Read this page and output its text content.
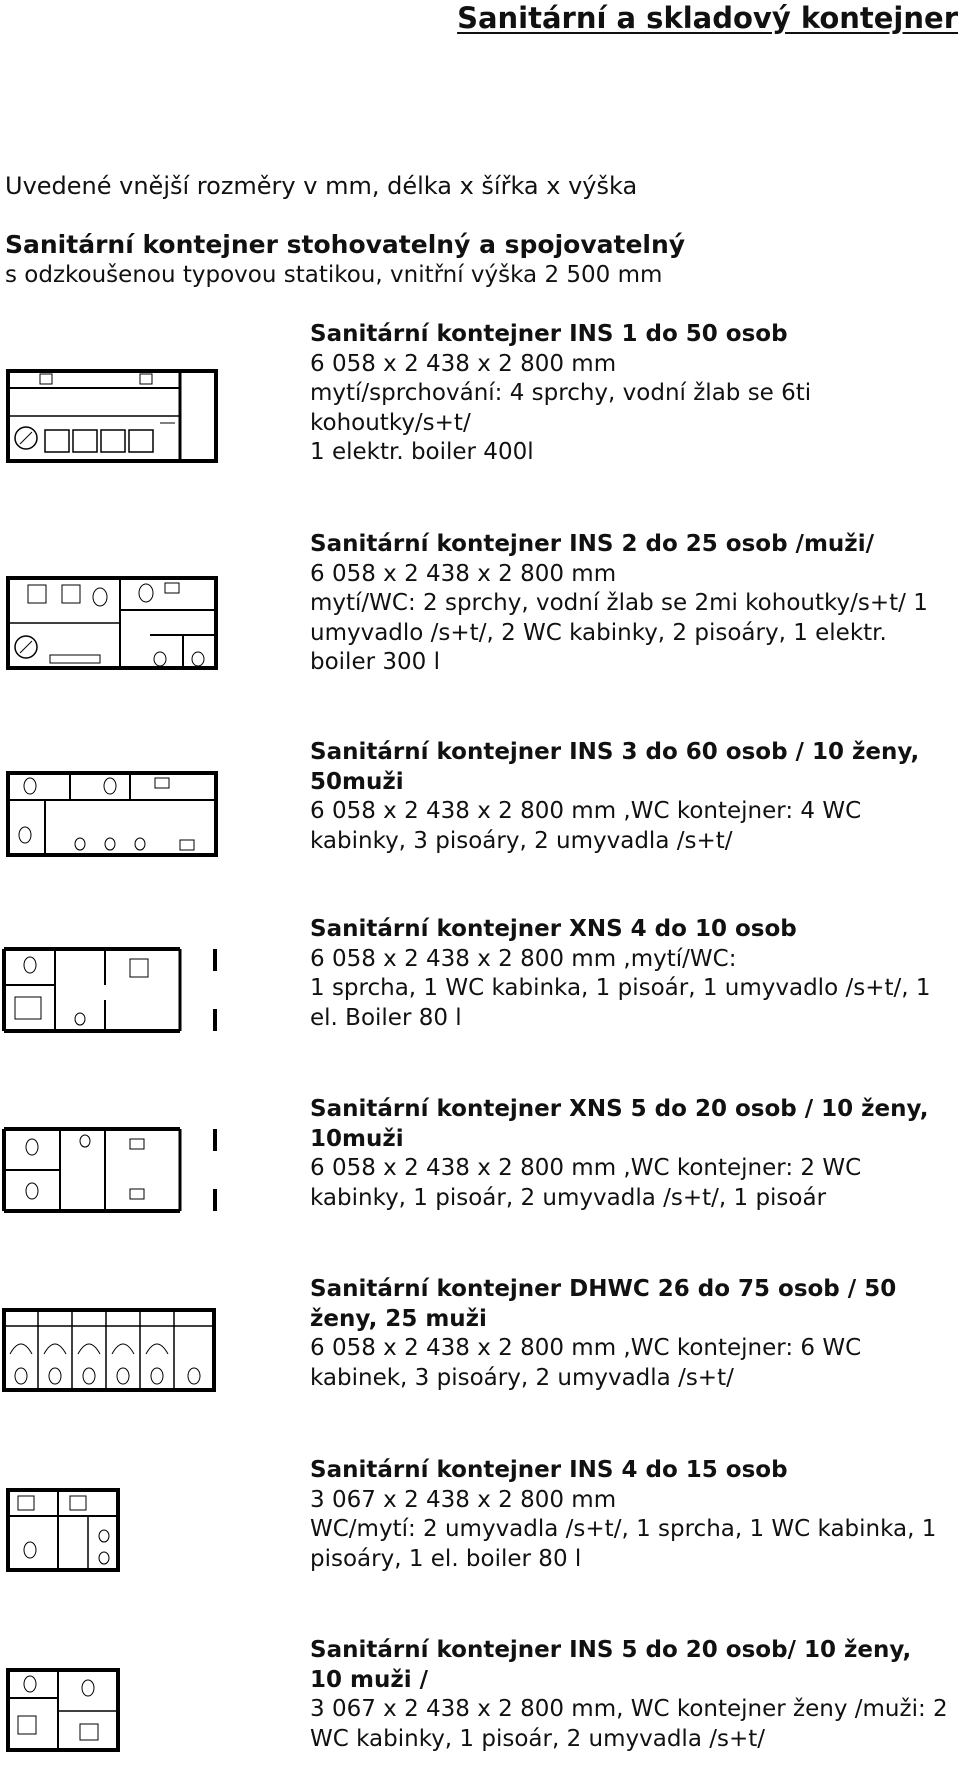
Sanitární a skladový kontejner
Uvedené vnější rozměry v mm, délka x šířka x výška
Sanitární kontejner stohovatelný a spojovatelný
s odzkoušenou typovou statikou, vnitřní výška 2 500 mm
Sanitární kontejner INS 1 do 50 osob
6 058 x 2 438 x 2 800 mm
mytí/sprchování: 4 sprchy, vodní žlab se 6ti kohoutky/s+t/
1 elektr. boiler 400l
Sanitární kontejner INS 2 do 25 osob /muži/
6 058 x 2 438 x 2 800 mm
mytí/WC: 2 sprchy, vodní žlab se 2mi kohoutky/s+t/ 1 umyvadlo /s+t/, 2 WC kabinky, 2 pisoáry, 1 elektr. boiler 300 l
Sanitární kontejner INS 3 do 60 osob / 10 ženy, 50muži
6 058 x 2 438 x 2 800 mm ,WC kontejner: 4 WC kabinky, 3 pisoáry, 2 umyvadla /s+t/
Sanitární kontejner XNS 4 do 10 osob
6 058 x 2 438 x 2 800 mm ,mytí/WC:
1 sprcha, 1 WC kabinka, 1 pisoár, 1 umyvadlo /s+t/, 1 el. Boiler 80 l
Sanitární kontejner XNS 5 do 20 osob / 10 ženy, 10muži
6 058 x 2 438 x 2 800 mm ,WC kontejner: 2 WC kabinky, 1 pisoár, 2 umyvadla /s+t/, 1 pisoár
Sanitární kontejner DHWC 26 do 75 osob / 50 ženy, 25 muži
6 058 x 2 438 x 2 800 mm ,WC kontejner: 6 WC kabinek, 3 pisoáry, 2 umyvadla /s+t/
Sanitární kontejner INS 4 do 15 osob
3 067 x 2 438 x 2 800 mm
WC/mytí: 2 umyvadla /s+t/, 1 sprcha, 1 WC kabinka, 1 pisoáry, 1 el. boiler 80 l
Sanitární kontejner INS 5 do 20 osob/ 10 ženy, 10 muži /
3 067 x 2 438 x 2 800 mm, WC kontejner ženy /muži: 2 WC kabinky, 1 pisoár, 2 umyvadla /s+t/
